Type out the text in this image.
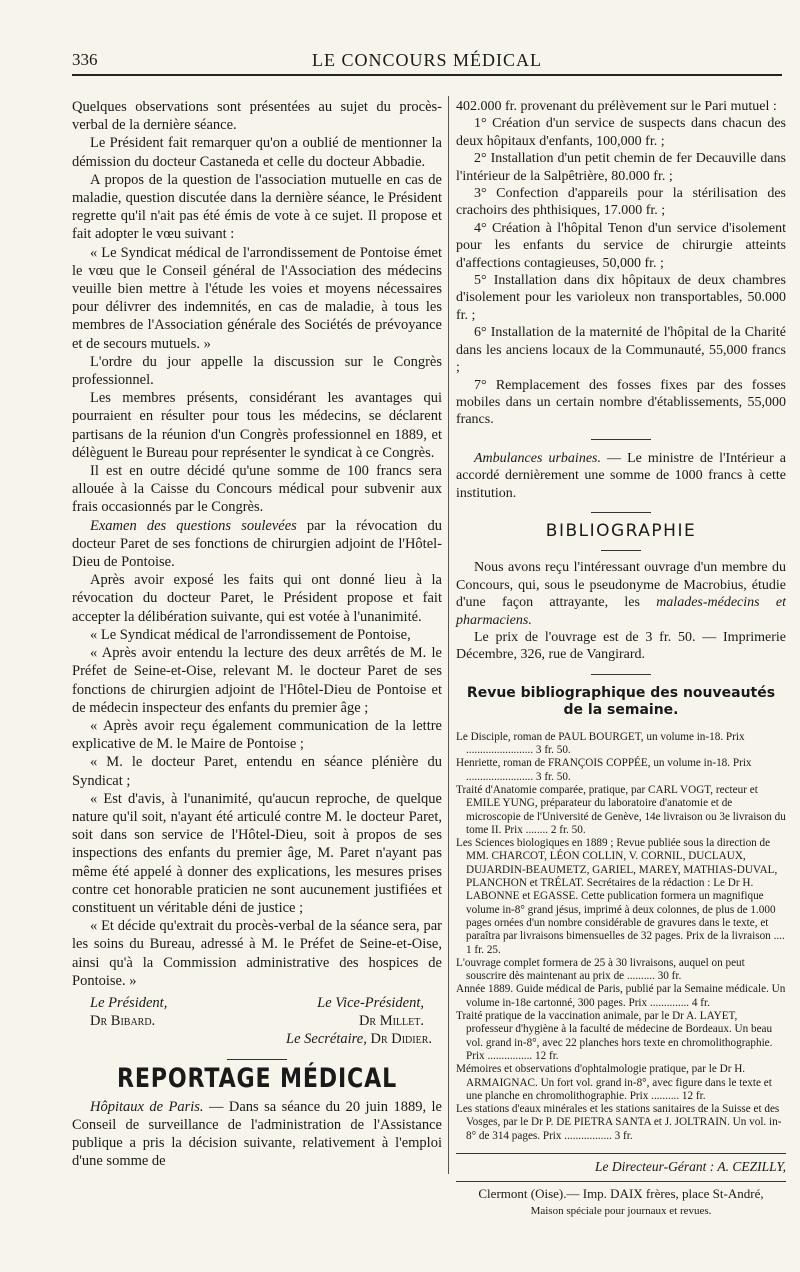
336	LE CONCOURS MÉDICAL

Quelques observations sont présentées au sujet du procès-verbal de la dernière séance.

Le Président fait remarquer qu'on a oublié de mentionner la démission du docteur Castaneda et celle du docteur Abbadie.

A propos de la question de l'association mutuelle en cas de maladie, question discutée dans la dernière séance, le Président regrette qu'il n'ait pas été émis de vote à ce sujet. Il propose et fait adopter le vœu suivant :

« Le Syndicat médical de l'arrondissement de Pontoise émet le vœu que le Conseil général de l'Association des médecins veuille bien mettre à l'étude les voies et moyens nécessaires pour délivrer des indemnités, en cas de maladie, à tous les membres de l'Association générale des Sociétés de prévoyance et de secours mutuels. »

L'ordre du jour appelle la discussion sur le Congrès professionnel.

Les membres présents, considérant les avantages qui pourraient en résulter pour tous les médecins, se déclarent partisans de la réunion d'un Congrès professionnel en 1889, et délèguent le Bureau pour représenter le syndicat à ce Congrès.

Il est en outre décidé qu'une somme de 100 francs sera allouée à la Caisse du Concours médical pour subvenir aux frais occasionnés par le Congrès.

Examen des questions soulevées par la révocation du docteur Paret de ses fonctions de chirurgien adjoint de l'Hôtel-Dieu de Pontoise.

Après avoir exposé les faits qui ont donné lieu à la révocation du docteur Paret, le Président propose et fait accepter la délibération suivante, qui est votée à l'unanimité.

« Le Syndicat médical de l'arrondissement de Pontoise,

« Après avoir entendu la lecture des deux arrêtés de M. le Préfet de Seine-et-Oise, relevant M. le docteur Paret de ses fonctions de chirurgien adjoint de l'Hôtel-Dieu de Pontoise et de médecin inspecteur des enfants du premier âge ;

« Après avoir reçu également communication de la lettre explicative de M. le Maire de Pontoise ;

« M. le docteur Paret, entendu en séance plénière du Syndicat ;

« Est d'avis, à l'unanimité, qu'aucun reproche, de quelque nature qu'il soit, n'ayant été articulé contre M. le docteur Paret, soit dans son service de l'Hôtel-Dieu, soit à propos de ses inspections des enfants du premier âge, M. Paret n'ayant pas même été appelé à donner des explications, les mesures prises contre cet honorable praticien ne sont aucunement justifiées et constituent un véritable déni de justice ;

« Et décide qu'extrait du procès-verbal de la séance sera, par les soins du Bureau, adressé à M. le Préfet de Seine-et-Oise, ainsi qu'à la Commission administrative des hospices de Pontoise. »

Le Président,	Le Vice-Président,
Dr Bibard.	Dr Millet.
Le Secrétaire, Dr Didier.
REPORTAGE MÉDICAL

Hôpitaux de Paris. — Dans sa séance du 20 juin 1889, le Conseil de surveillance de l'administration de l'Assistance publique a pris la décision suivante, relativement à l'emploi d'une somme de

402.000 fr. provenant du prélèvement sur le Pari mutuel :

1° Création d'un service de suspects dans chacun des deux hôpitaux d'enfants, 100,000 fr. ;

2° Installation d'un petit chemin de fer Decauville dans l'intérieur de la Salpêtrière, 80.000 fr. ;

3° Confection d'appareils pour la stérilisation des crachoirs des phthisiques, 17.000 fr. ;

4° Création à l'hôpital Tenon d'un service d'isolement pour les enfants du service de chirurgie atteints d'affections contagieuses, 50,000 fr. ;

5° Installation dans dix hôpitaux de deux chambres d'isolement pour les varioleux non transportables, 50.000 fr. ;

6° Installation de la maternité de l'hôpital de la Charité dans les anciens locaux de la Communauté, 55,000 francs ;

7° Remplacement des fosses fixes par des fosses mobiles dans un certain nombre d'établissements, 55,000 francs.

Ambulances urbaines. — Le ministre de l'Intérieur a accordé dernièrement une somme de 1000 francs à cette institution.

BIBLIOGRAPHIE

Nous avons reçu l'intéressant ouvrage d'un membre du Concours, qui, sous le pseudonyme de Macrobius, étudie d'une façon attrayante, les malades-médecins et pharmaciens.

Le prix de l'ouvrage est de 3 fr. 50. — Imprimerie Décembre, 326, rue de Vangirard.

Revue bibliographique des nouveautés de la semaine.
Le Disciple, roman de PAUL BOURGET, un volume in-18. Prix ........................ 3 fr. 50.
Henriette, roman de FRANÇOIS COPPÉE, un volume in-18. Prix ........................ 3 fr. 50.
Traité d'Anatomie comparée, pratique, par CARL VOGT, recteur et EMILE YUNG, préparateur du laboratoire d'anatomie et de microscopie de l'Université de Genève, 14e livraison ou 3e livraison du tome II. Prix ........ 2 fr. 50.
Les Sciences biologiques en 1889 ; Revue publiée sous la direction de MM. CHARCOT, LÉON COLLIN, V. CORNIL, DUCLAUX, DUJARDIN-BEAUMETZ, GARIEL, MAREY, MATHIAS-DUVAL, PLANCHON et TRÉLAT. Secrétaires de la rédaction : Le Dr H. LABONNE et EGASSE. Cette publication formera un magnifique volume in-8° grand jésus, imprimé à deux colonnes, de plus de 1.000 pages ornées d'un nombre considérable de gravures dans le texte, et paraîtra par livraisons bimensuelles de 32 pages. Prix de la livraison .... 1 fr. 25.
L'ouvrage complet formera de 25 à 30 livraisons, auquel on peut souscrire dès maintenant au prix de .......... 30 fr.
Année 1889. Guide médical de Paris, publié par la Semaine médicale. Un volume in-18e cartonné, 300 pages. Prix .............. 4 fr.
Traité pratique de la vaccination animale, par le Dr A. LAYET, professeur d'hygiène à la faculté de médecine de Bordeaux. Un beau vol. grand in-8°, avec 22 planches hors texte en chromolithographie. Prix ................ 12 fr.
Mémoires et observations d'ophtalmologie pratique, par le Dr H. ARMAIGNAC. Un fort vol. grand in-8°, avec figure dans le texte et une planche en chromolithographie. Prix .......... 12 fr.
Les stations d'eaux minérales et les stations sanitaires de la Suisse et des Vosges, par le Dr P. DE PIETRA SANTA et J. JOLTRAIN. Un vol. in-8° de 314 pages. Prix ................. 3 fr.
Le Directeur-Gérant : A. CEZILLY,
Clermont (Oise).— Imp. DAIX frères, place St-André,
Maison spéciale pour journaux et revues.
